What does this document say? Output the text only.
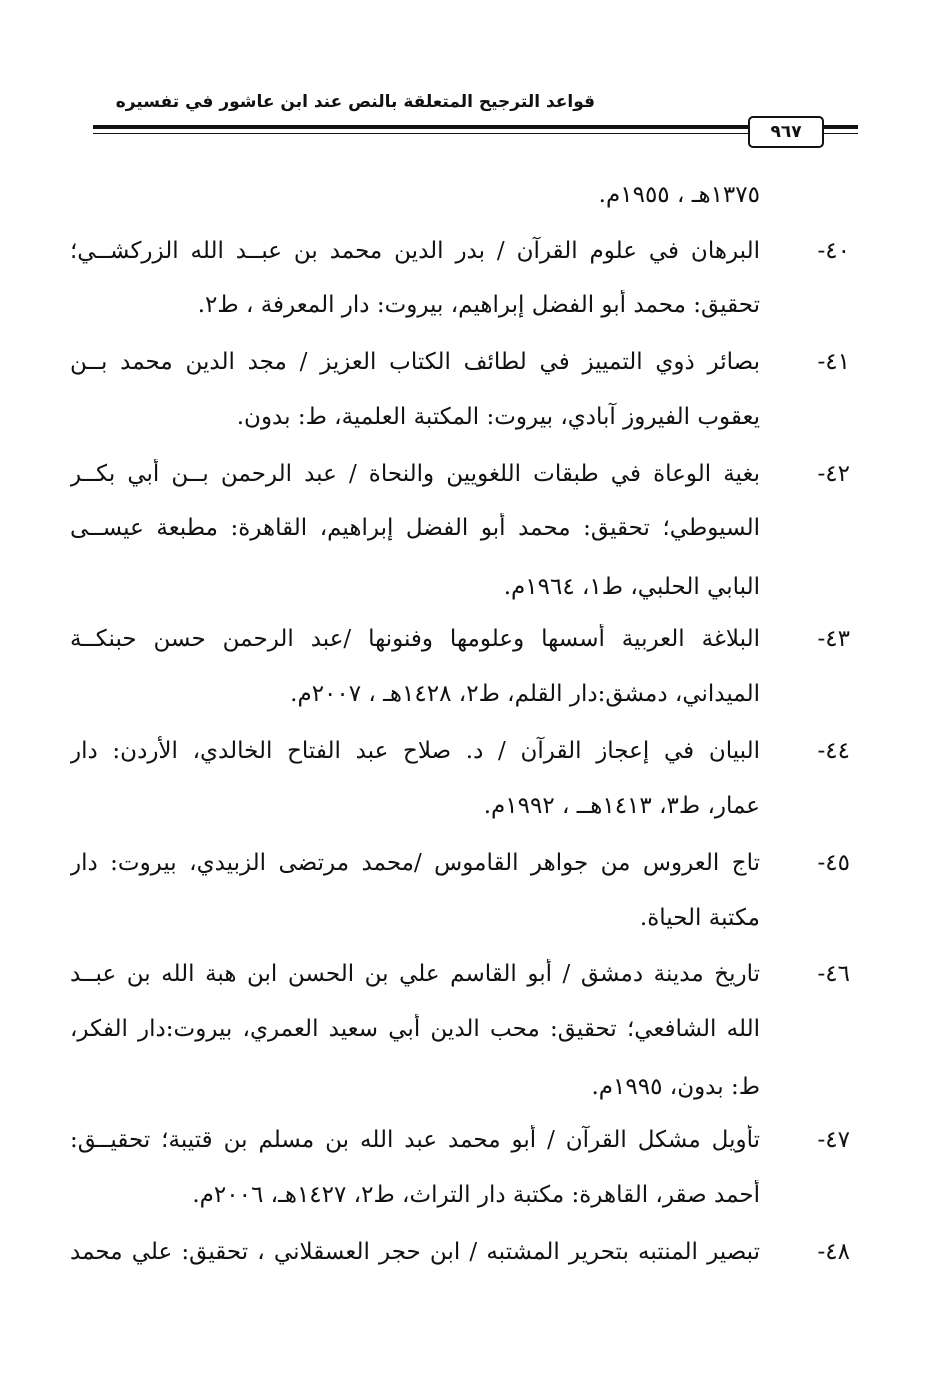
قواعد الترجيح المتعلقة بالنص عند ابن عاشور في تفسيره
٩٦٧
١٣٧٥هـ ، ١٩٥٥م.
٤٠-
البرهان في علوم القرآن / بدر الدين محمد بن عبــد الله الزركشــي؛
تحقيق: محمد أبو الفضل إبراهيم، بيروت: دار المعرفة ، ط٢.
٤١-
بصائر ذوي التمييز في لطائف الكتاب العزيز / مجد الدين محمد بــن
يعقوب الفيروز آبادي، بيروت: المكتبة العلمية، ط: بدون.
٤٢-
بغية الوعاة في طبقات اللغويين والنحاة / عبد الرحمن بــن أبي بكــر
السيوطي؛ تحقيق: محمد أبو الفضل إبراهيم، القاهرة: مطبعة عيســى
البابي الحلبي، ط١، ١٩٦٤م.
٤٣-
البلاغة العربية أسسها وعلومها وفنونها /عبد الرحمن حسن حبنكــة
الميداني، دمشق:دار القلم، ط٢، ١٤٢٨هـ ، ٢٠٠٧م.
٤٤-
البيان في إعجاز القرآن / د. صلاح عبد الفتاح الخالدي، الأردن: دار
عمار، ط٣، ١٤١٣هــ ، ١٩٩٢م.
٤٥-
تاج العروس من جواهر القاموس /محمد مرتضى الزبيدي، بيروت: دار
مكتبة الحياة.
٤٦-
تاريخ مدينة دمشق / أبو القاسم علي بن الحسن ابن هبة الله بن عبــد
الله الشافعي؛ تحقيق: محب الدين أبي سعيد العمري، بيروت:دار الفكر،
ط: بدون، ١٩٩٥م.
٤٧-
تأويل مشكل القرآن / أبو محمد عبد الله بن مسلم بن قتيبة؛ تحقيــق:
أحمد صقر، القاهرة: مكتبة دار التراث، ط٢، ١٤٢٧هـ، ٢٠٠٦م.
٤٨-
تبصير المنتبه بتحرير المشتبه / ابن حجر العسقلاني ، تحقيق: علي محمد
